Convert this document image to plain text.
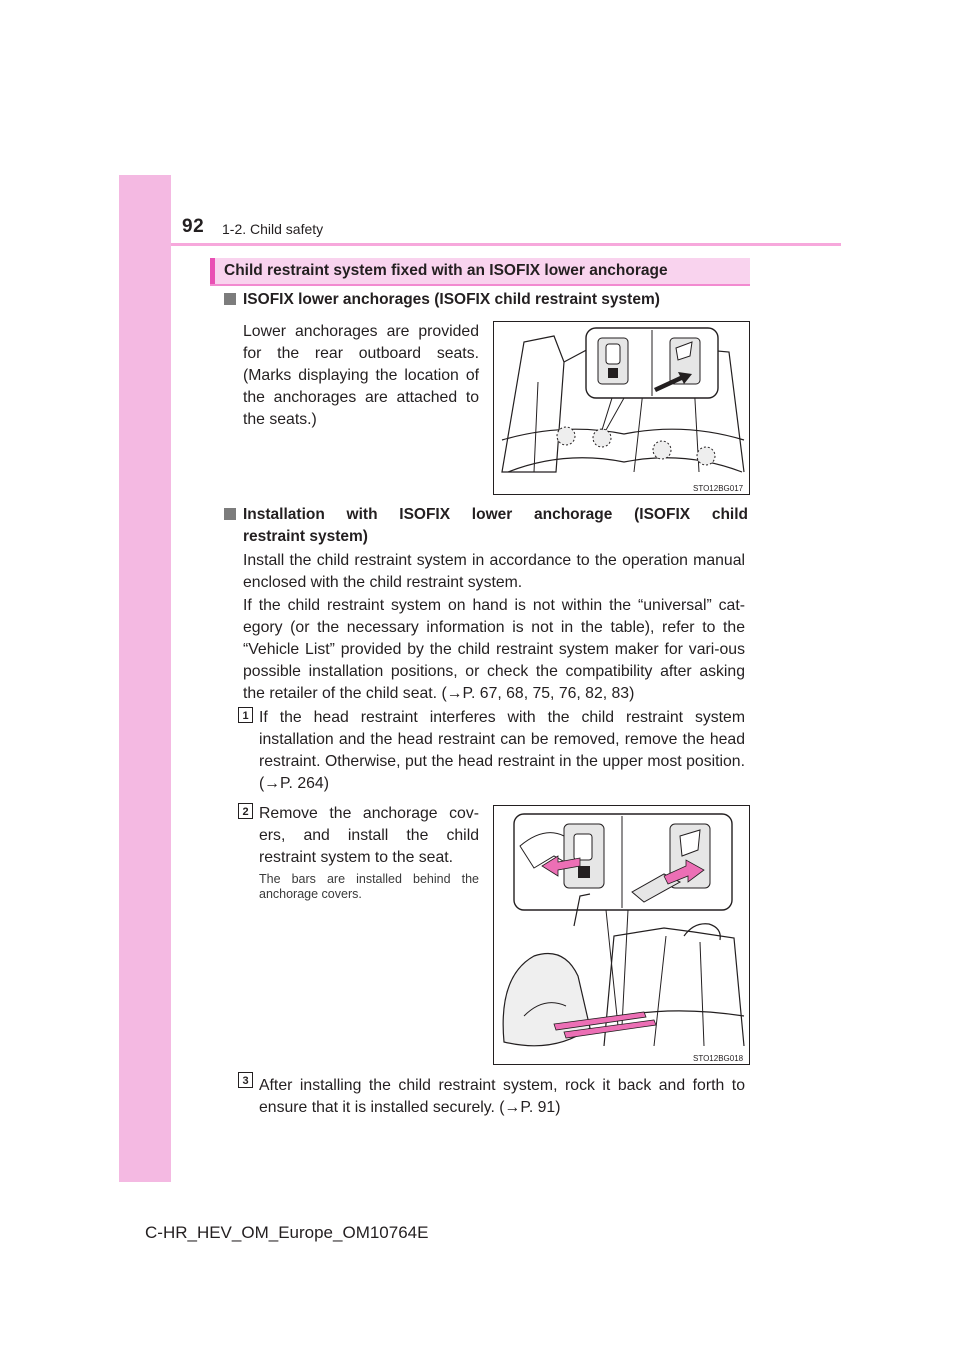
92 1-2. Child safety
Child restraint system fixed with an ISOFIX lower anchorage
ISOFIX lower anchorages (ISOFIX child restraint system)
Lower anchorages are provided for the rear outboard seats. (Marks displaying the location of the anchorages are attached to the seats.)
STO12BG017
Installation with ISOFIX lower anchorage (ISOFIX child
restraint system)
Install the child restraint system in accordance to the operation manual enclosed with the child restraint system.
If the child restraint system on hand is not within the “universal” cat-egory (or the necessary information is not in the table), refer to the “Vehicle List” provided by the child restraint system maker for vari-ous possible installation positions, or check the compatibility after asking the retailer of the child seat. (→P. 67, 68, 75, 76, 82, 83)
1 If the head restraint interferes with the child restraint system installation and the head restraint can be removed, remove the head restraint. Otherwise, put the head restraint in the upper most position. (→P. 264)
2 Remove the anchorage cov-ers, and install the child restraint system to the seat.
The bars are installed behind the anchorage covers.
STO12BG018
3 After installing the child restraint system, rock it back and forth to ensure that it is installed securely. (→P. 91)
C-HR_HEV_OM_Europe_OM10764E
